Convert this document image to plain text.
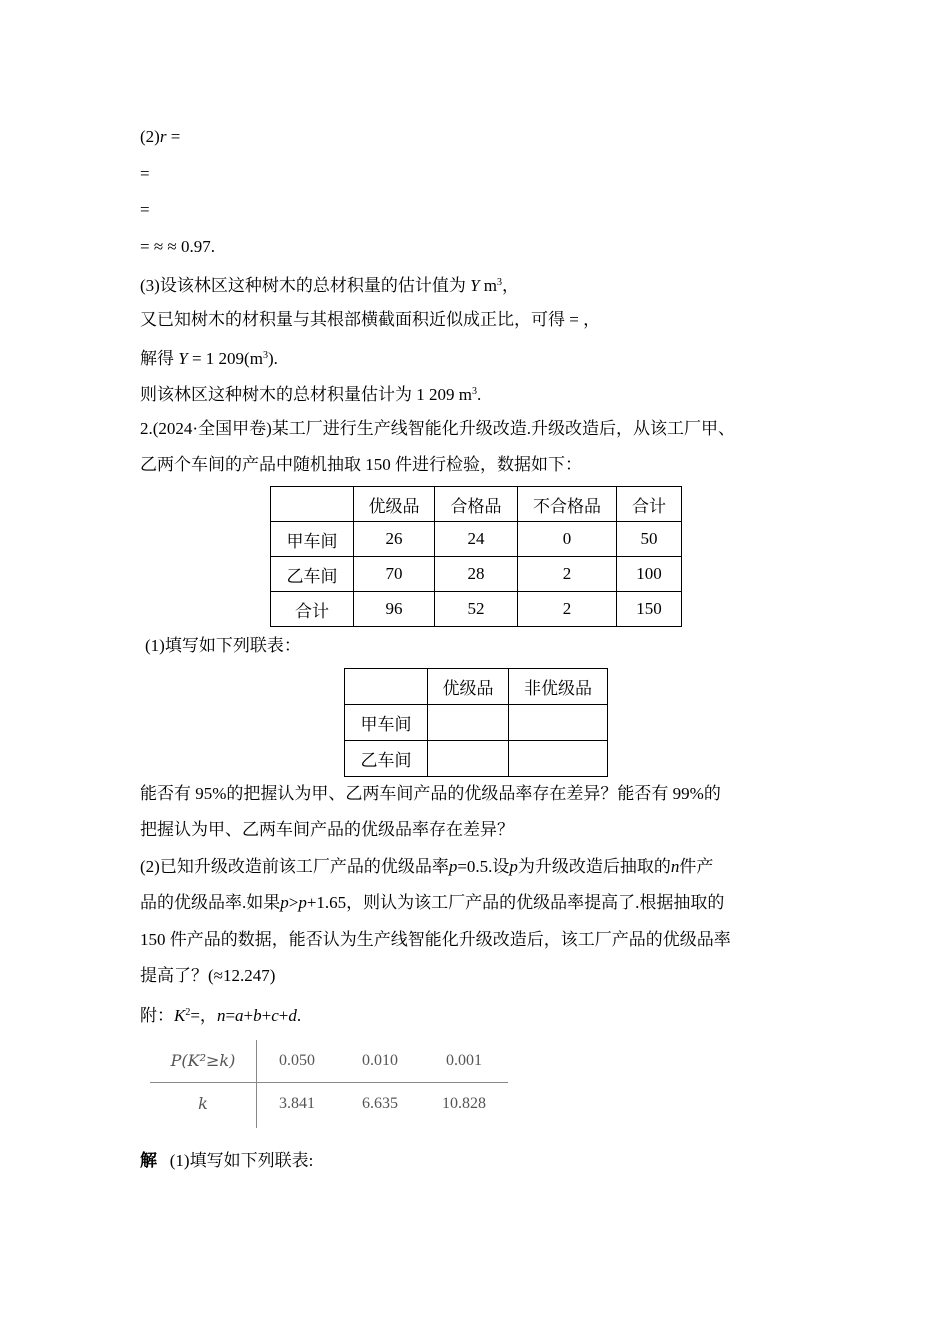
(2)r =
=
=
= ≈ ≈ 0.97.
(3)设该林区这种树木的总材积量的估计值为 Y $m^3$，
又已知树木的材积量与其根部横截面积近似成正比，可得 = ，
解得 Y = 1 $209(m^3)$.
则该林区这种树木的总材积量估计为 1 209 $m^3$.
2.(2024·全国甲卷)某工厂进行生产线智能化升级改造.升级改造后，从该工厂甲、
乙两个车间的产品中随机抽取 150 件进行检验，数据如下：
	优级品	合格品	不合格品	合计
甲车间	26	24	0	50
乙车间	70	28	2	100
合计	96	52	2	150
(1)填写如下列联表：
	优级品	非优级品
甲车间		
乙车间		
能否有 95%的把握认为甲、乙两车间产品的优级品率存在差异？能否有 99%的
把握认为甲、乙两车间产品的优级品率存在差异？
(2)已知升级改造前该工厂产品的优级品率p=0.5.设p为升级改造后抽取的n件产
品的优级品率.如果p>p+1.65，则认为该工厂产品的优级品率提高了.根据抽取的
150 件产品的数据，能否认为生产线智能化升级改造后，该工厂产品的优级品率
提高了？(≈12.247)
附：$K^2=$，n=a+b+c+d.
P(K²≥k)	0.050	0.010	0.001
k	3.841	6.635	10.828
解 (1)填写如下列联表:
